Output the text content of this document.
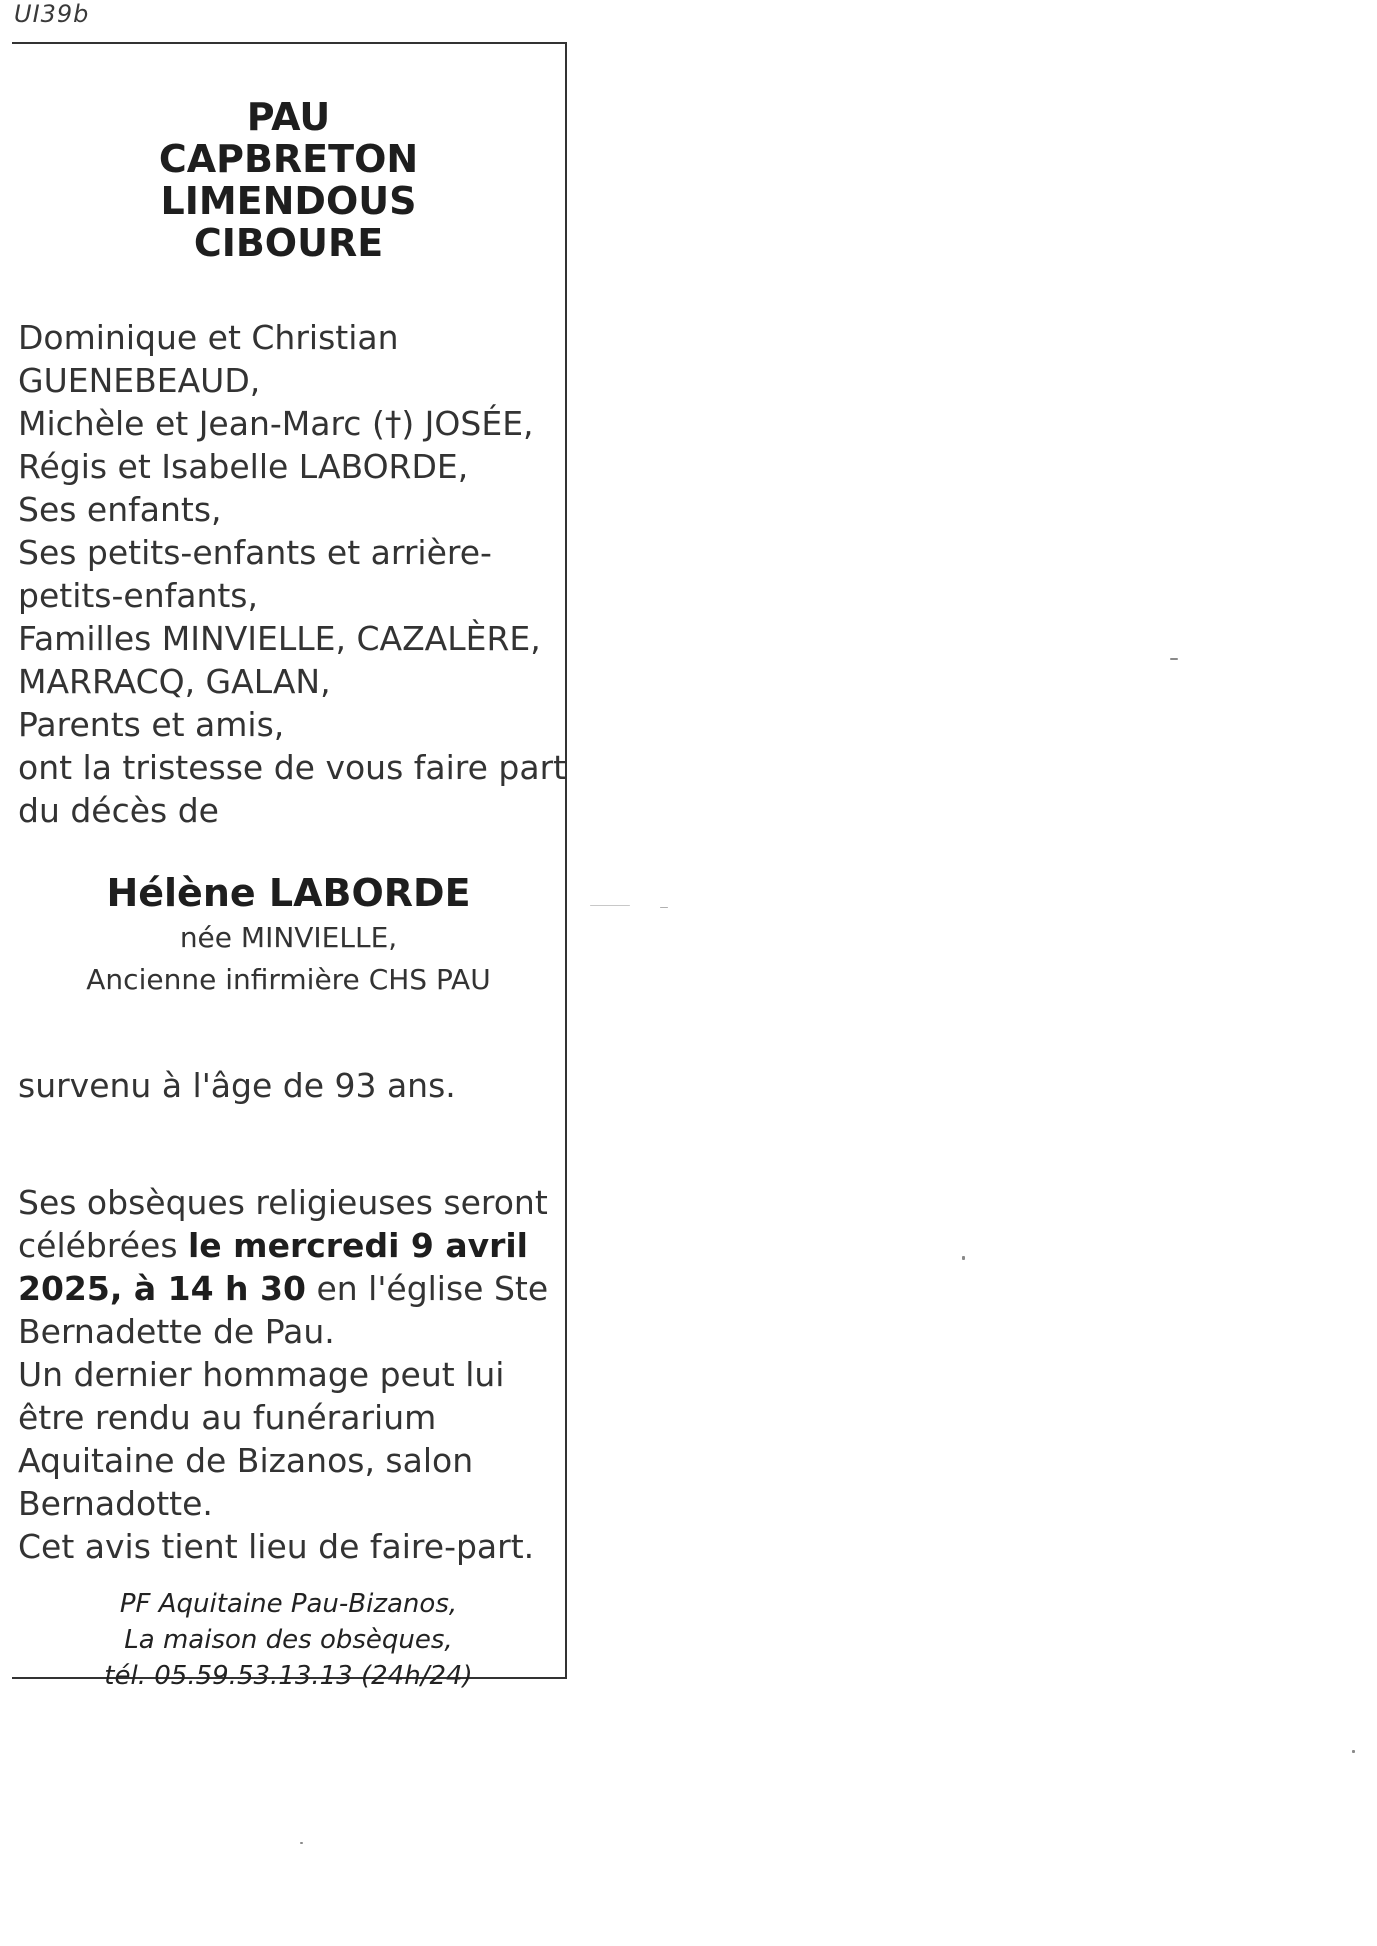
UI39b
PAU
CAPBRETON
LIMENDOUS
CIBOURE
Dominique et Christian
GUENEBEAUD,
Michèle et Jean-Marc (†) JOSÉE,
Régis et Isabelle LABORDE,
Ses enfants,
Ses petits-enfants et arrière-
petits-enfants,
Familles MINVIELLE, CAZALÈRE,
MARRACQ, GALAN,
Parents et amis,
ont la tristesse de vous faire part
du décès de
Hélène LABORDE
née MINVIELLE,
Ancienne infirmière CHS PAU
survenu à l'âge de 93 ans.
Ses obsèques religieuses seront
célébrées le mercredi 9 avril
2025, à 14 h 30 en l'église Ste
Bernadette de Pau.
Un dernier hommage peut lui
être rendu au funérarium
Aquitaine de Bizanos, salon
Bernadotte.
Cet avis tient lieu de faire-part.
PF Aquitaine Pau-Bizanos,
La maison des obsèques,
tél. 05.59.53.13.13 (24h/24)
